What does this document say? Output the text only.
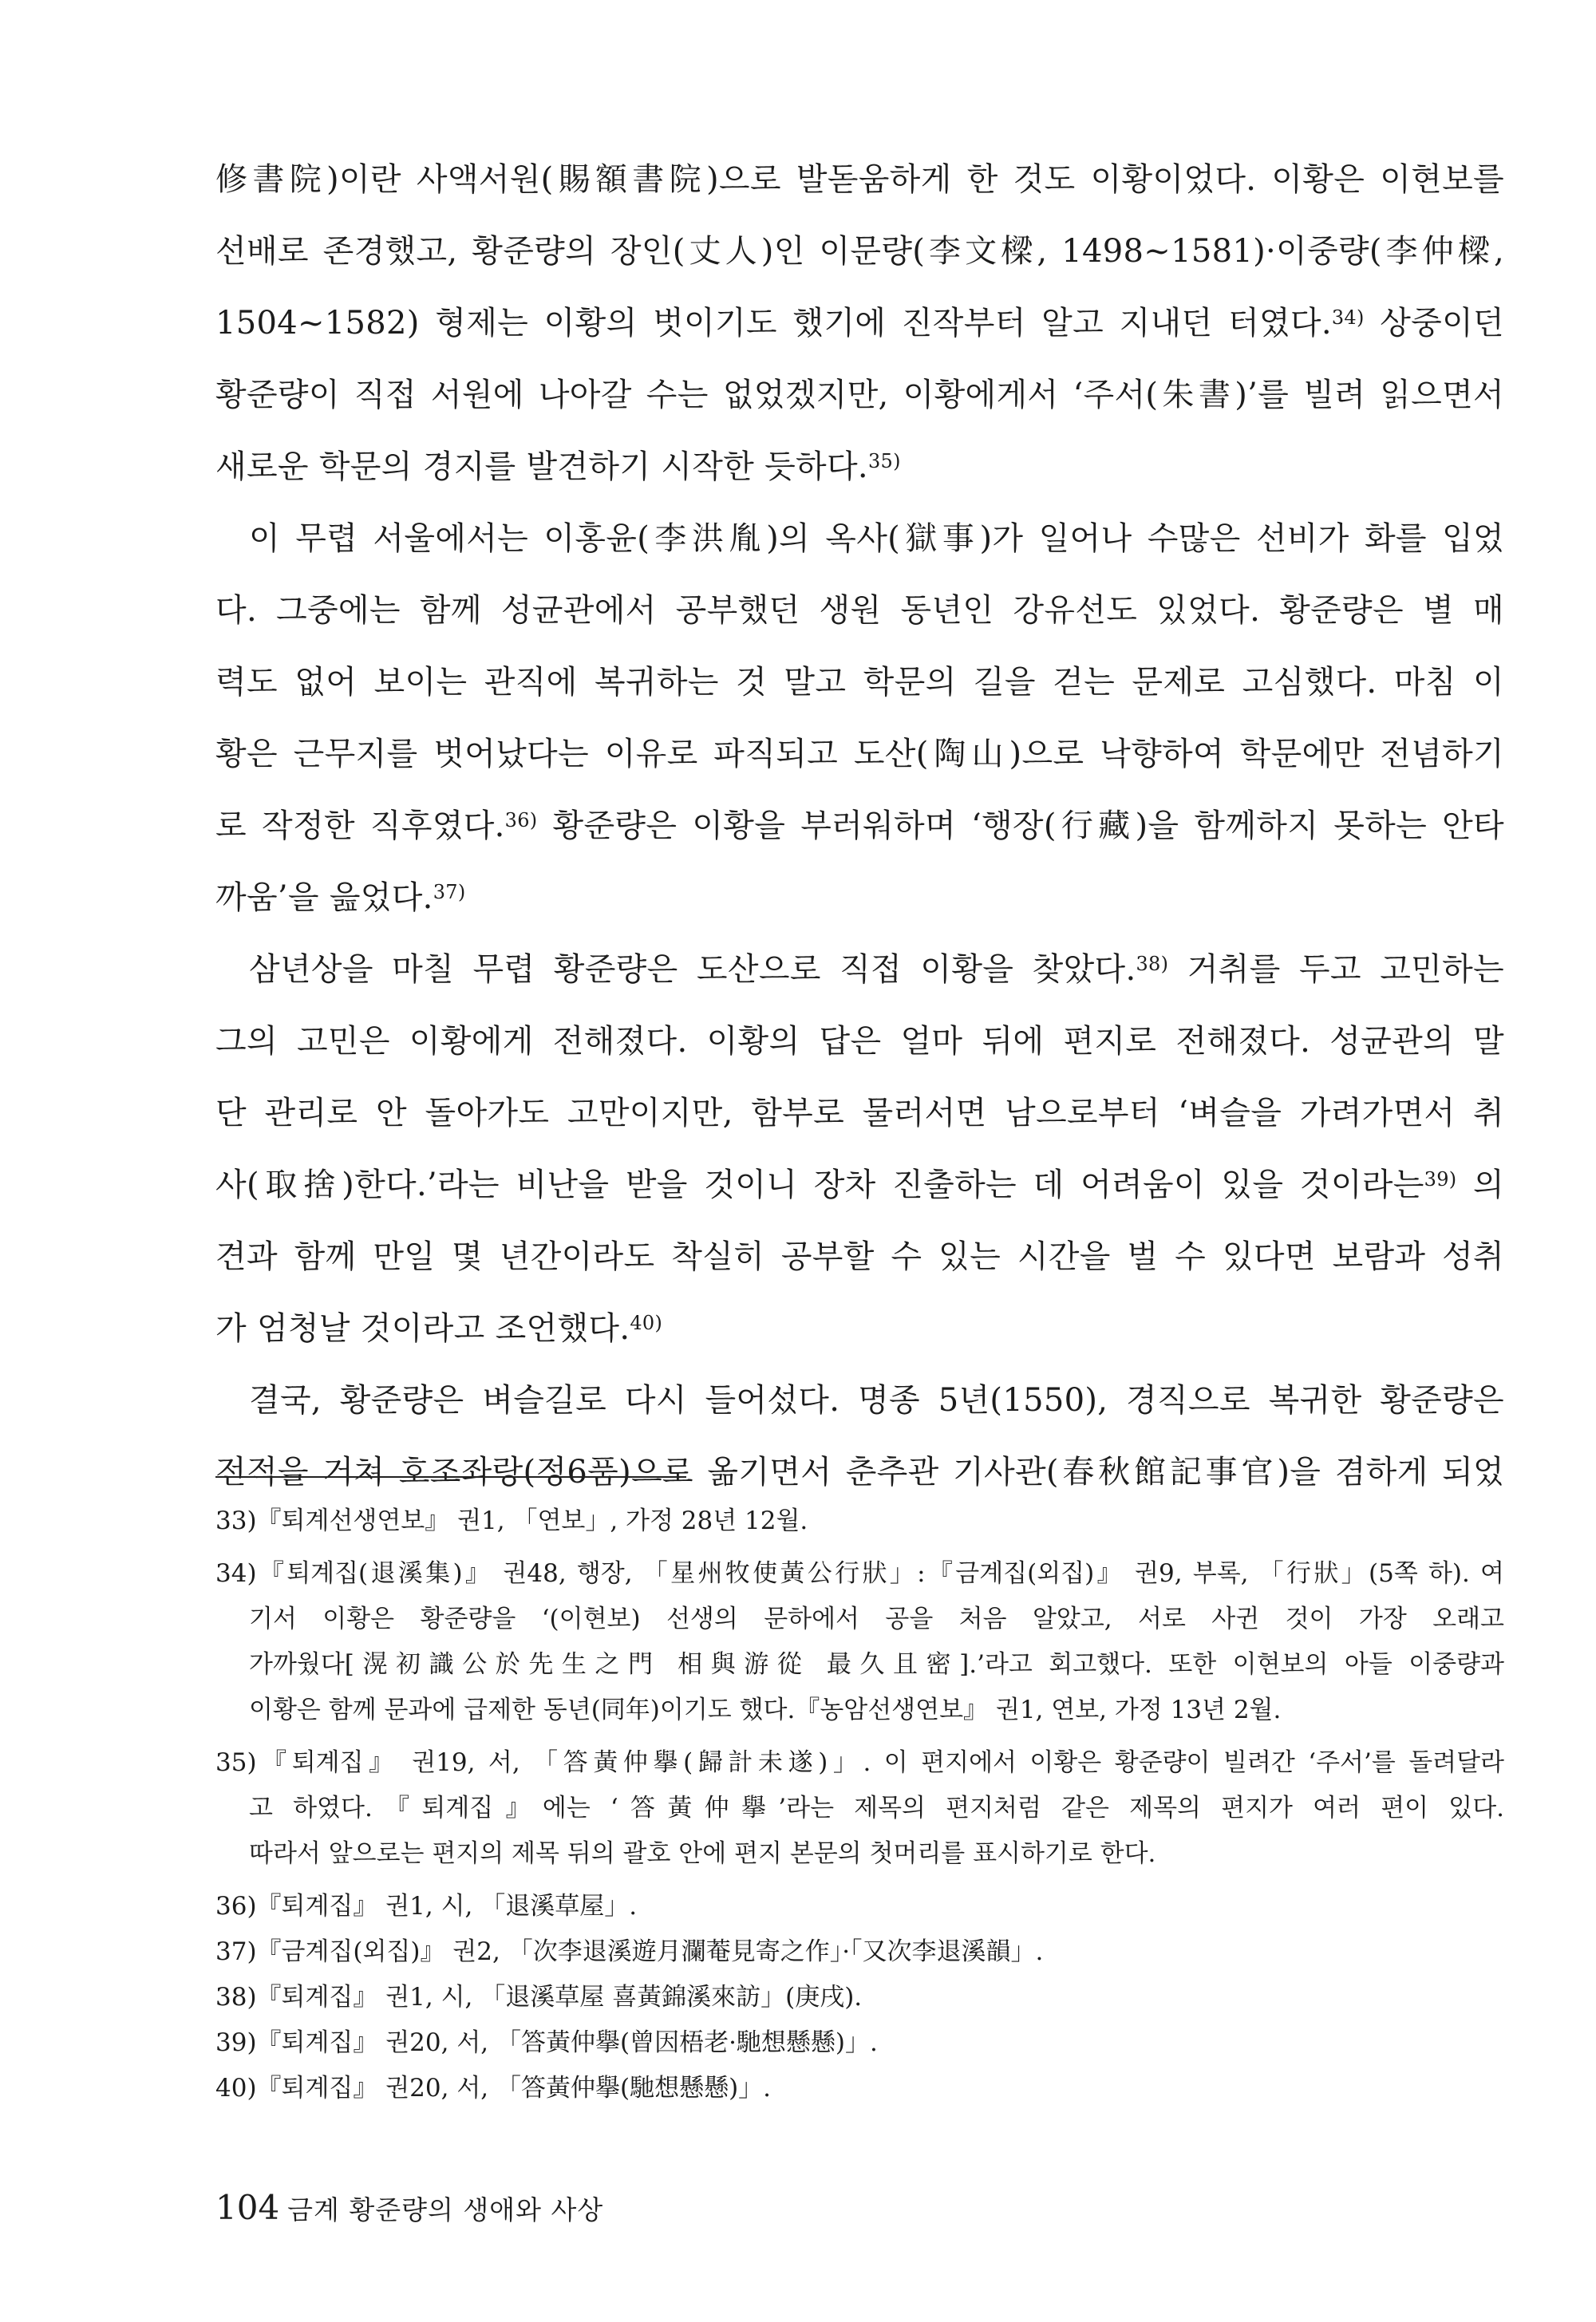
修書院)이란 사액서원(賜額書院)으로 발돋움하게 한 것도 이황이었다. 이황은 이현보를
선배로 존경했고, 황준량의 장인(丈人)인 이문량(李文樑, 1498~1581)·이중량(李仲樑,
1504~1582) 형제는 이황의 벗이기도 했기에 진작부터 알고 지내던 터였다.$^{34)}$ 상중이던
황준량이 직접 서원에 나아갈 수는 없었겠지만, 이황에게서 ‘주서(朱書)’를 빌려 읽으면서
새로운 학문의 경지를 발견하기 시작한 듯하다.$^{35)}$
이 무렵 서울에서는 이홍윤(李洪胤)의 옥사(獄事)가 일어나 수많은 선비가 화를 입었
다. 그중에는 함께 성균관에서 공부했던 생원 동년인 강유선도 있었다. 황준량은 별 매
력도 없어 보이는 관직에 복귀하는 것 말고 학문의 길을 걷는 문제로 고심했다. 마침 이
황은 근무지를 벗어났다는 이유로 파직되고 도산(陶山)으로 낙향하여 학문에만 전념하기
로 작정한 직후였다.$^{36)}$ 황준량은 이황을 부러워하며 ‘행장(行藏)을 함께하지 못하는 안타
까움’을 읊었다.$^{37)}$
삼년상을 마칠 무렵 황준량은 도산으로 직접 이황을 찾았다.$^{38)}$ 거취를 두고 고민하는
그의 고민은 이황에게 전해졌다. 이황의 답은 얼마 뒤에 편지로 전해졌다. 성균관의 말
단 관리로 안 돌아가도 고만이지만, 함부로 물러서면 남으로부터 ‘벼슬을 가려가면서 취
사(取捨)한다.’라는 비난을 받을 것이니 장차 진출하는 데 어려움이 있을 것이라는$^{39)}$ 의
견과 함께 만일 몇 년간이라도 착실히 공부할 수 있는 시간을 벌 수 있다면 보람과 성취
가 엄청날 것이라고 조언했다.$^{40)}$
결국, 황준량은 벼슬길로 다시 들어섰다. 명종 5년(1550), 경직으로 복귀한 황준량은
전적을 거쳐 호조좌랑(정6품)으로 옮기면서 춘추관 기사관(春秋館記事官)을 겸하게 되었
33)『퇴계선생연보』 권1, 「연보」, 가정 28년 12월.
34)『퇴계집(退溪集)』 권48, 행장, 「星州牧使黃公行狀」:『금계집(외집)』 권9, 부록, 「行狀」(5쪽 하). 여
기서 이황은 황준량을 ‘(이현보) 선생의 문하에서 공을 처음 알았고, 서로 사귄 것이 가장 오래고
가까웠다[滉初識公於先生之門 相與游從 最久且密].’라고 회고했다. 또한 이현보의 아들 이중량과
이황은 함께 문과에 급제한 동년(同年)이기도 했다.『농암선생연보』 권1, 연보, 가정 13년 2월.
35)『퇴계집』 권19, 서, 「答黃仲擧(歸計未遂)」. 이 편지에서 이황은 황준량이 빌려간 ‘주서’를 돌려달라
고 하였다.『퇴계집』에는 ‘答黃仲擧’라는 제목의 편지처럼 같은 제목의 편지가 여러 편이 있다.
따라서 앞으로는 편지의 제목 뒤의 괄호 안에 편지 본문의 첫머리를 표시하기로 한다.
36)『퇴계집』 권1, 시, 「退溪草屋」.
37)『금계집(외집)』 권2, 「次李退溪遊月瀾菴見寄之作」·「又次李退溪韻」.
38)『퇴계집』 권1, 시, 「退溪草屋 喜黃錦溪來訪」(庚戌).
39)『퇴계집』 권20, 서, 「答黃仲擧(曾因梧老·馳想懸懸)」.
40)『퇴계집』 권20, 서, 「答黃仲擧(馳想懸懸)」.
104 금계 황준량의 생애와 사상
